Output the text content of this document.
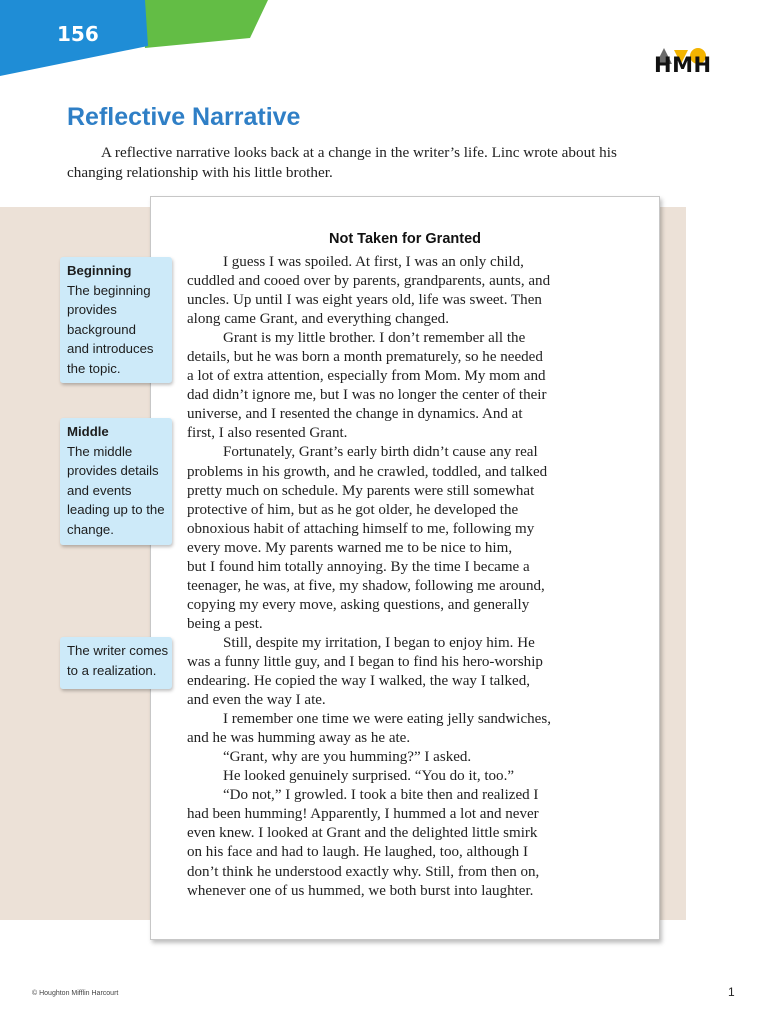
156
HMH
Reflective Narrative

A reflective narrative looks back at a change in the writer’s life. Linc wrote about his changing relationship with his little brother.

Not Taken for Granted
I guess I was spoiled. At first, I was an only child,
cuddled and cooed over by parents, grandparents, aunts, and
uncles. Up until I was eight years old, life was sweet. Then
along came Grant, and everything changed.
Grant is my little brother. I don’t remember all the
details, but he was born a month prematurely, so he needed
a lot of extra attention, especially from Mom. My mom and
dad didn’t ignore me, but I was no longer the center of their
universe, and I resented the change in dynamics. And at
first, I also resented Grant.
Fortunately, Grant’s early birth didn’t cause any real
problems in his growth, and he crawled, toddled, and talked
pretty much on schedule. My parents were still somewhat
protective of him, but as he got older, he developed the
obnoxious habit of attaching himself to me, following my
every move. My parents warned me to be nice to him,
but I found him totally annoying. By the time I became a
teenager, he was, at five, my shadow, following me around,
copying my every move, asking questions, and generally
being a pest.
Still, despite my irritation, I began to enjoy him. He
was a funny little guy, and I began to find his hero-worship
endearing. He copied the way I walked, the way I talked,
and even the way I ate.
I remember one time we were eating jelly sandwiches,
and he was humming away as he ate.
“Grant, why are you humming?” I asked.
He looked genuinely surprised. “You do it, too.”
“Do not,” I growled. I took a bite then and realized I
had been humming! Apparently, I hummed a lot and never
even knew. I looked at Grant and the delighted little smirk
on his face and had to laugh. He laughed, too, although I
don’t think he understood exactly why. Still, from then on,
whenever one of us hummed, we both burst into laughter.
Beginning
The beginning
provides
background
and introduces
the topic.
Middle
The middle
provides details
and events
leading up to the
change.
The writer comes
to a realization.
© Houghton Mifflin Harcourt	1
